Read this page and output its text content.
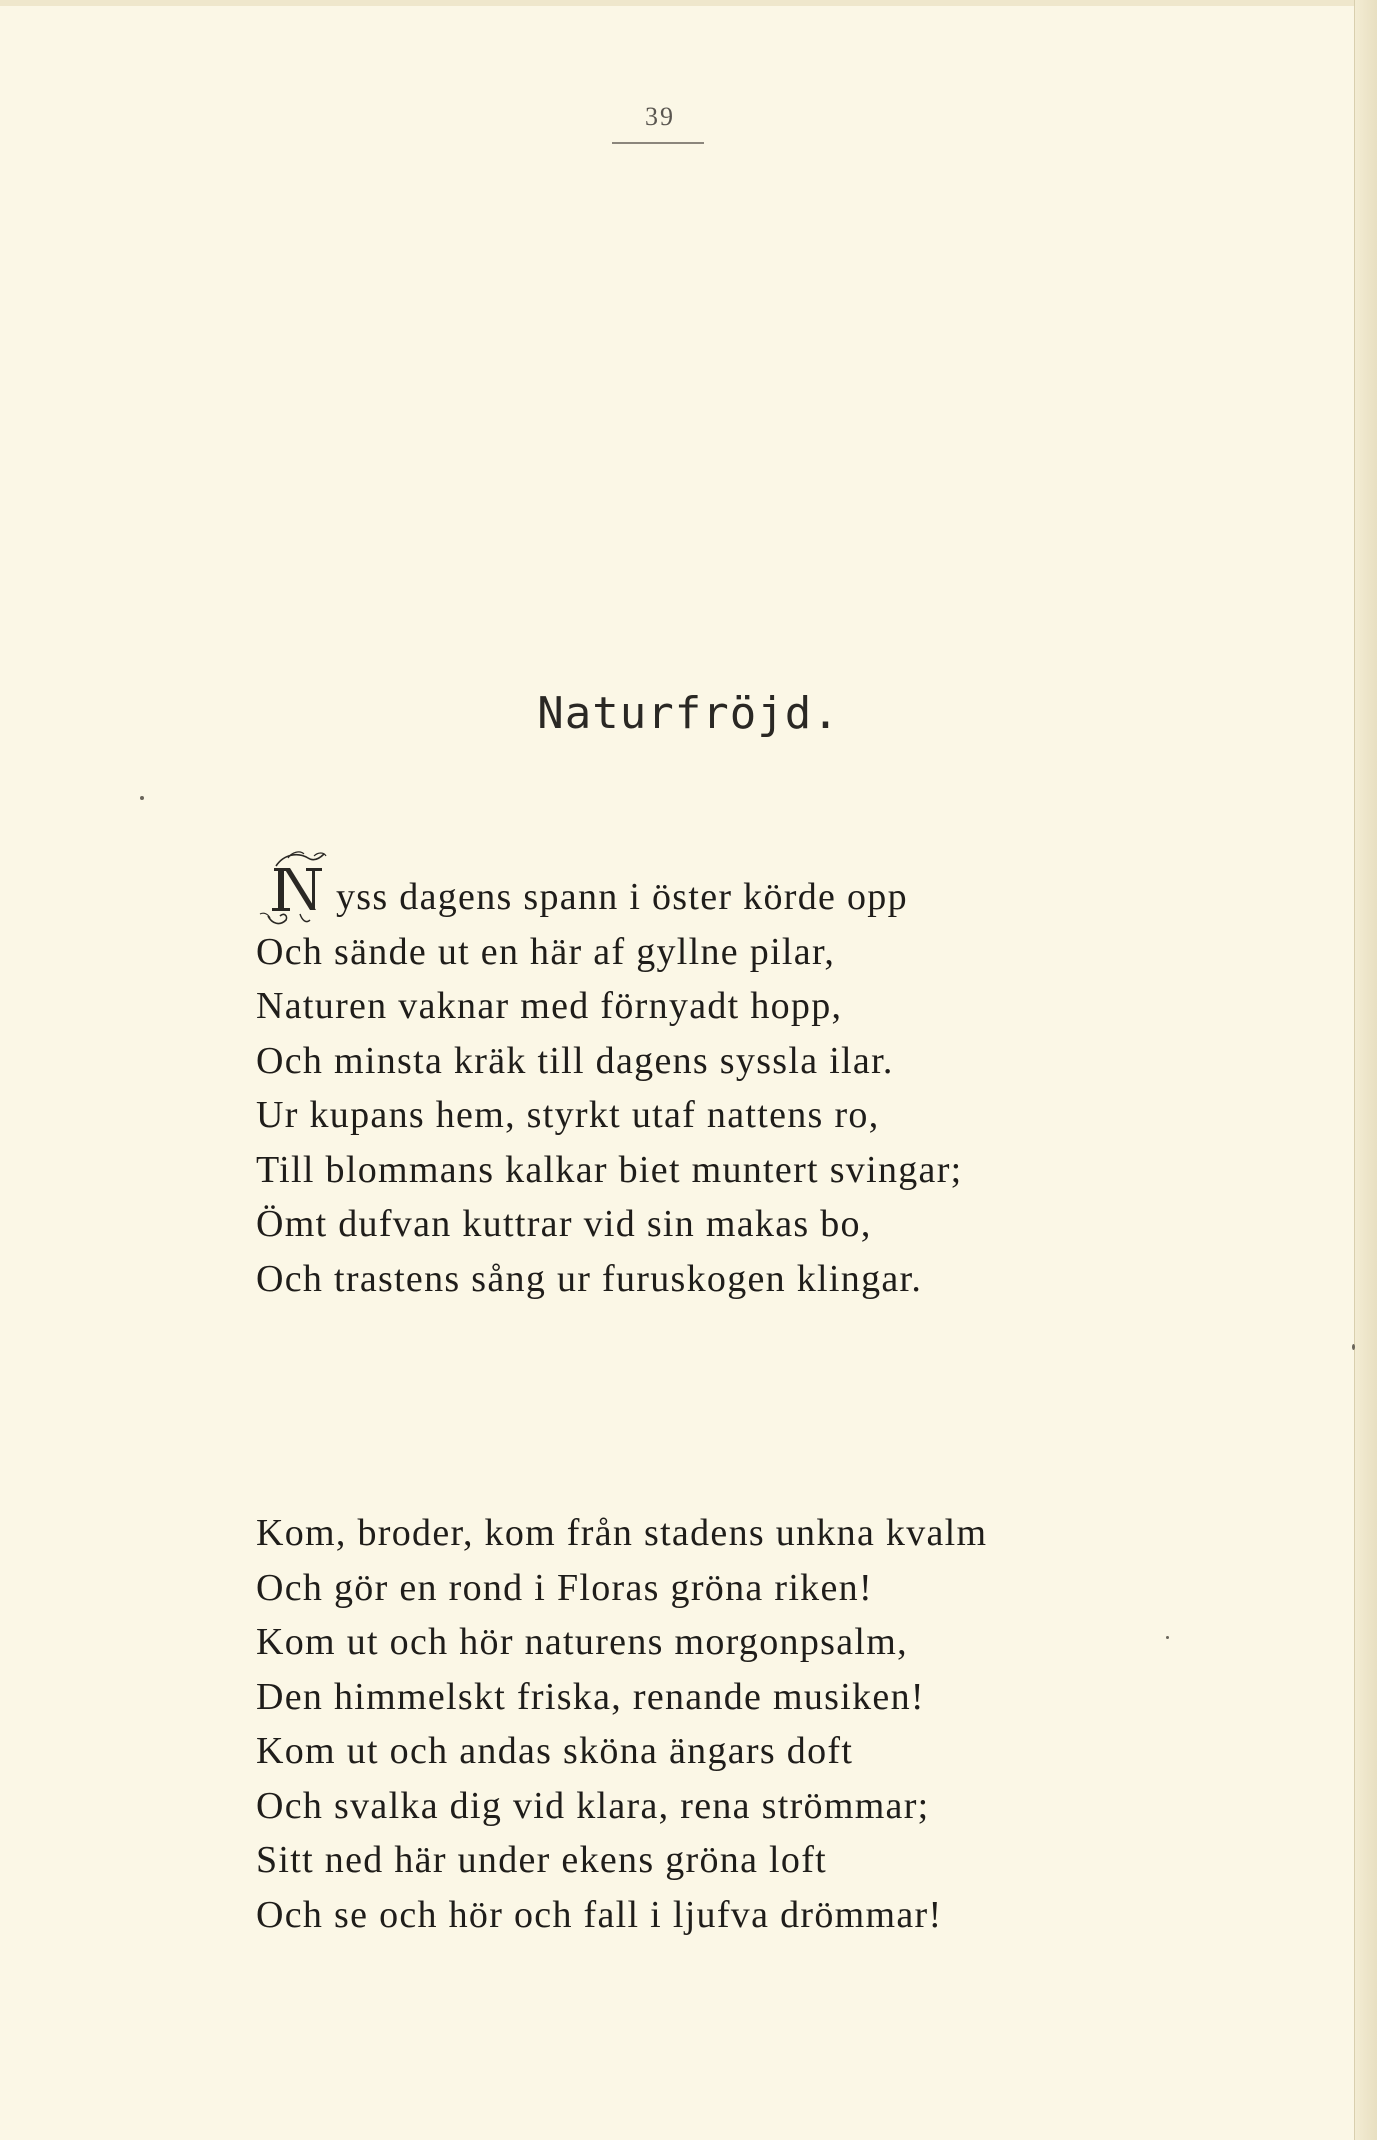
39
Naturfröjd.
yss dagens spann i öster körde opp
Och sände ut en här af gyllne pilar,
Naturen vaknar med förnyadt hopp,
Och minsta kräk till dagens syssla ilar.
Ur kupans hem, styrkt utaf nattens ro,
Till blommans kalkar biet muntert svingar;
Ömt dufvan kuttrar vid sin makas bo,
Och trastens sång ur furuskogen klingar.
Kom, broder, kom från stadens unkna kvalm
Och gör en rond i Floras gröna riken!
Kom ut och hör naturens morgonpsalm,
Den himmelskt friska, renande musiken!
Kom ut och andas sköna ängars doft
Och svalka dig vid klara, rena strömmar;
Sitt ned här under ekens gröna loft
Och se och hör och fall i ljufva drömmar!
